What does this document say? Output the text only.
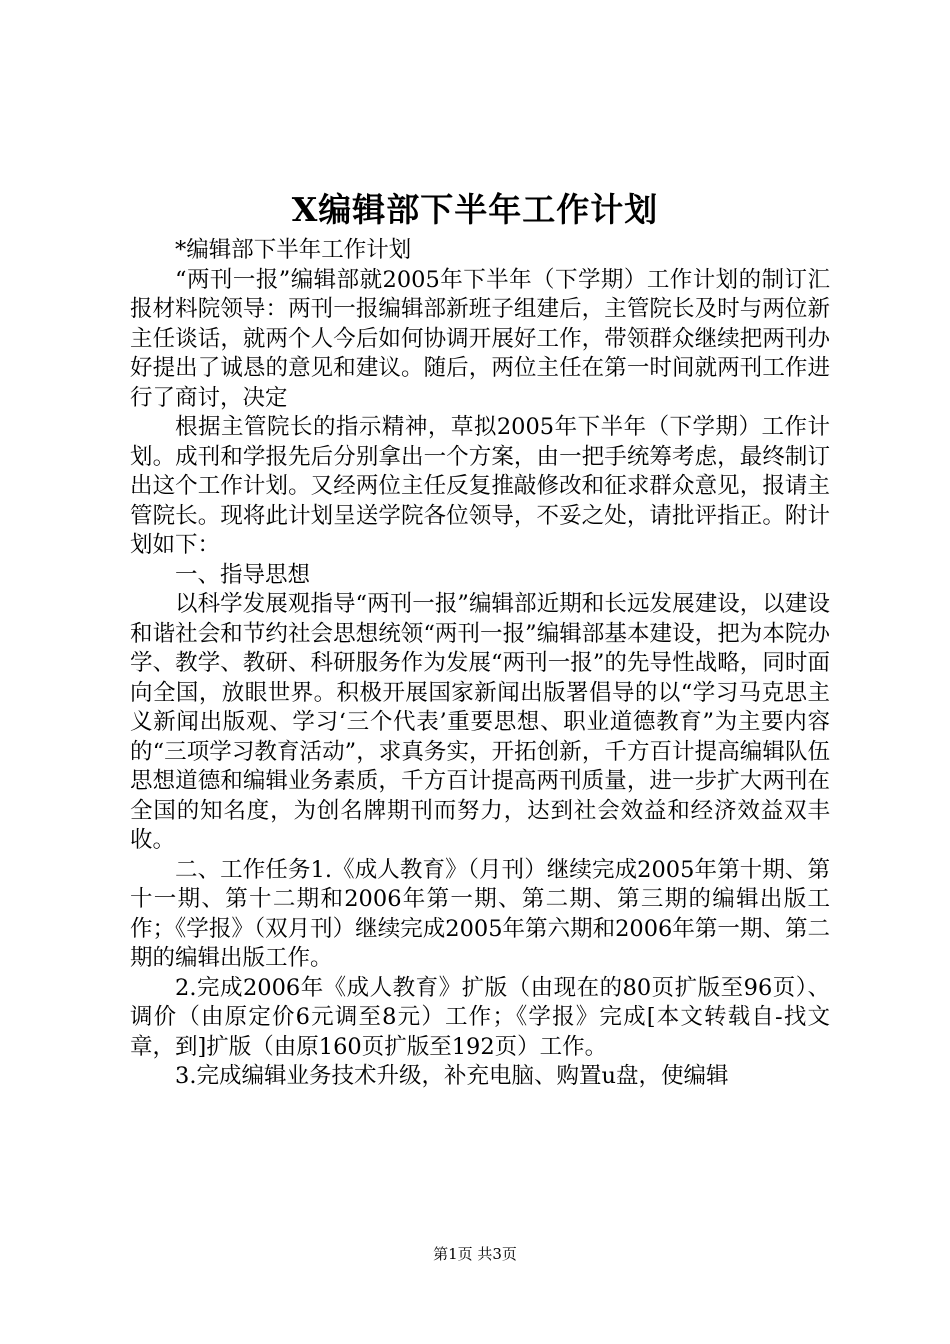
X编辑部下半年工作计划

*编辑部下半年工作计划

“两刊一报”编辑部就2005年下半年（下学期）工作计划的制订汇报材料院领导：两刊一报编辑部新班子组建后，主管院长及时与两位新主任谈话，就两个人今后如何协调开展好工作，带领群众继续把两刊办好提出了诚恳的意见和建议。随后，两位主任在第一时间就两刊工作进行了商讨，决定

根据主管院长的指示精神，草拟2005年下半年（下学期）工作计划。成刊和学报先后分别拿出一个方案，由一把手统筹考虑，最终制订出这个工作计划。又经两位主任反复推敲修改和征求群众意见，报请主管院长。现将此计划呈送学院各位领导，不妥之处，请批评指正。附计划如下：

一、指导思想

以科学发展观指导“两刊一报”编辑部近期和长远发展建设，以建设和谐社会和节约社会思想统领“两刊一报”编辑部基本建设，把为本院办学、教学、教研、科研服务作为发展“两刊一报”的先导性战略，同时面向全国，放眼世界。积极开展国家新闻出版署倡导的以“学习马克思主义新闻出版观、学习‘三个代表’重要思想、职业道德教育”为主要内容的“三项学习教育活动”，求真务实，开拓创新，千方百计提高编辑队伍思想道德和编辑业务素质，千方百计提高两刊质量，进一步扩大两刊在全国的知名度，为创名牌期刊而努力，达到社会效益和经济效益双丰收。

二、工作任务1.《成人教育》（月刊）继续完成2005年第十期、第十一期、第十二期和2006年第一期、第二期、第三期的编辑出版工作；《学报》（双月刊）继续完成2005年第六期和2006年第一期、第二期的编辑出版工作。

2.完成2006年《成人教育》扩版（由现在的80页扩版至96页）、调价（由原定价6元调至8元）工作；《学报》完成[本文转载自-找文章，到]扩版（由原160页扩版至192页）工作。

3.完成编辑业务技术升级，补充电脑、购置u盘，使编辑

第1页 共3页
